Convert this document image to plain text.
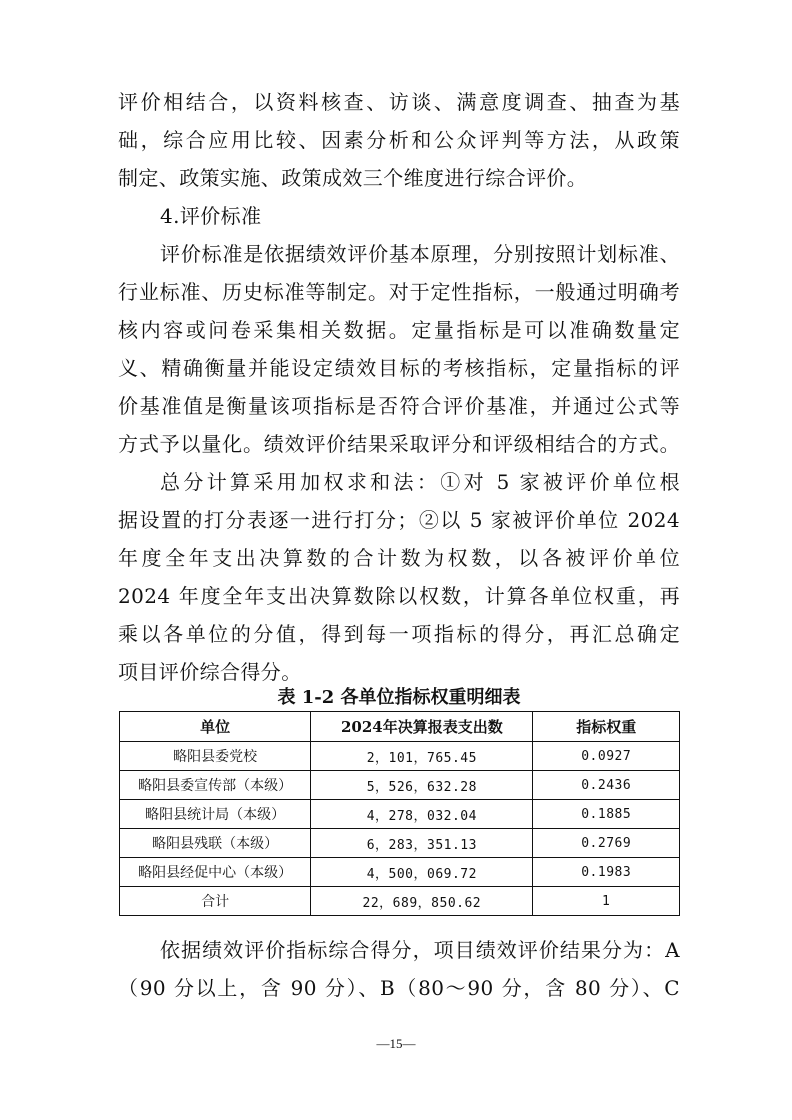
评价相结合，以资料核查、访谈、满意度调查、抽查为基
础，综合应用比较、因素分析和公众评判等方法，从政策
制定、政策实施、政策成效三个维度进行综合评价。
4.评价标准
评价标准是依据绩效评价基本原理，分别按照计划标准、
行业标准、历史标准等制定。对于定性指标，一般通过明确考
核内容或问卷采集相关数据。定量指标是可以准确数量定
义、精确衡量并能设定绩效目标的考核指标，定量指标的评
价基准值是衡量该项指标是否符合评价基准，并通过公式等
方式予以量化。绩效评价结果采取评分和评级相结合的方式。
总分计算采用加权求和法：①对 5 家被评价单位根
据设置的打分表逐一进行打分；②以 5 家被评价单位 2024
年度全年支出决算数的合计数为权数，以各被评价单位
2024 年度全年支出决算数除以权数，计算各单位权重，再
乘以各单位的分值，得到每一项指标的得分，再汇总确定
项目评价综合得分。
表 1-2 各单位指标权重明细表
单位	2024年决算报表支出数	指标权重
略阳县委党校	2，101，765.45	0.0927
略阳县委宣传部（本级）	5，526，632.28	0.2436
略阳县统计局（本级）	4，278，032.04	0.1885
略阳县残联（本级）	6，283，351.13	0.2769
略阳县经促中心（本级）	4，500，069.72	0.1983
合计	22，689，850.62	1
依据绩效评价指标综合得分，项目绩效评价结果分为：A
（90 分以上，含 90 分）、B（80～90 分，含 80 分）、C
—15—
